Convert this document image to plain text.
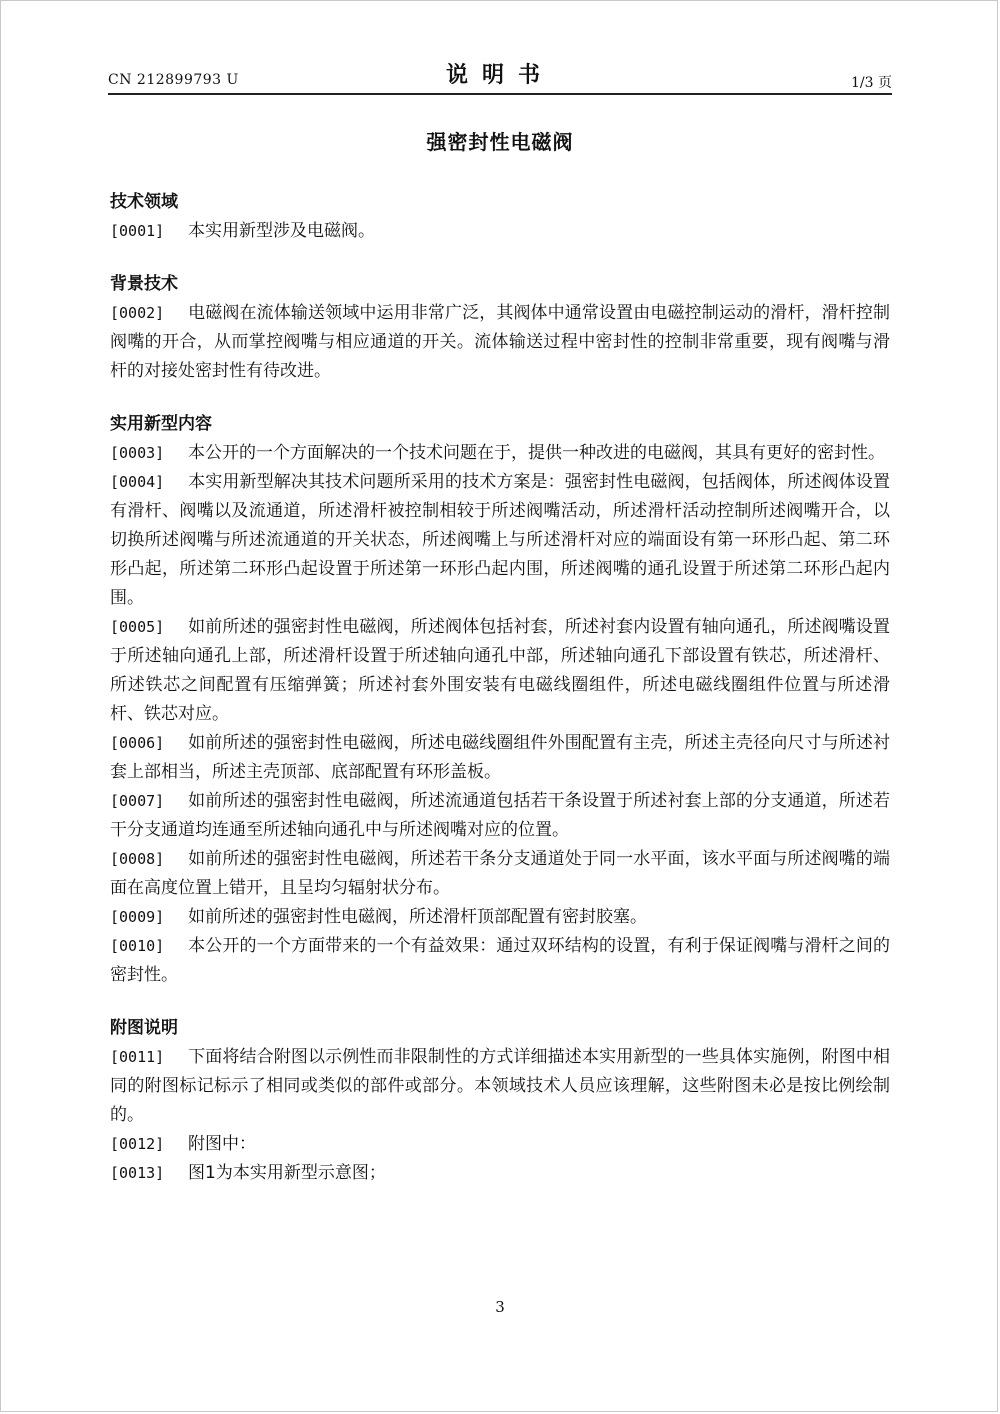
CN 212899793 U	说明书	1/3 页
强密封性电磁阀
技术领域
[0001] 本实用新型涉及电磁阀。
背景技术
[0002] 电磁阀在流体输送领域中运用非常广泛，其阀体中通常设置由电磁控制运动的滑杆，滑杆控制阀嘴的开合，从而掌控阀嘴与相应通道的开关。流体输送过程中密封性的控制非常重要，现有阀嘴与滑杆的对接处密封性有待改进。
实用新型内容
[0003] 本公开的一个方面解决的一个技术问题在于，提供一种改进的电磁阀，其具有更好的密封性。
[0004] 本实用新型解决其技术问题所采用的技术方案是：强密封性电磁阀，包括阀体，所述阀体设置有滑杆、阀嘴以及流通道，所述滑杆被控制相较于所述阀嘴活动，所述滑杆活动控制所述阀嘴开合，以切换所述阀嘴与所述流通道的开关状态，所述阀嘴上与所述滑杆对应的端面设有第一环形凸起、第二环形凸起，所述第二环形凸起设置于所述第一环形凸起内围，所述阀嘴的通孔设置于所述第二环形凸起内围。
[0005] 如前所述的强密封性电磁阀，所述阀体包括衬套，所述衬套内设置有轴向通孔，所述阀嘴设置于所述轴向通孔上部，所述滑杆设置于所述轴向通孔中部，所述轴向通孔下部设置有铁芯，所述滑杆、所述铁芯之间配置有压缩弹簧；所述衬套外围安装有电磁线圈组件，所述电磁线圈组件位置与所述滑杆、铁芯对应。
[0006] 如前所述的强密封性电磁阀，所述电磁线圈组件外围配置有主壳，所述主壳径向尺寸与所述衬套上部相当，所述主壳顶部、底部配置有环形盖板。
[0007] 如前所述的强密封性电磁阀，所述流通道包括若干条设置于所述衬套上部的分支通道，所述若干分支通道均连通至所述轴向通孔中与所述阀嘴对应的位置。
[0008] 如前所述的强密封性电磁阀，所述若干条分支通道处于同一水平面，该水平面与所述阀嘴的端面在高度位置上错开，且呈均匀辐射状分布。
[0009] 如前所述的强密封性电磁阀，所述滑杆顶部配置有密封胶塞。
[0010] 本公开的一个方面带来的一个有益效果：通过双环结构的设置，有利于保证阀嘴与滑杆之间的密封性。
附图说明
[0011] 下面将结合附图以示例性而非限制性的方式详细描述本实用新型的一些具体实施例，附图中相同的附图标记标示了相同或类似的部件或部分。本领域技术人员应该理解，这些附图未必是按比例绘制的。
[0012] 附图中：
[0013] 图1为本实用新型示意图；
3
